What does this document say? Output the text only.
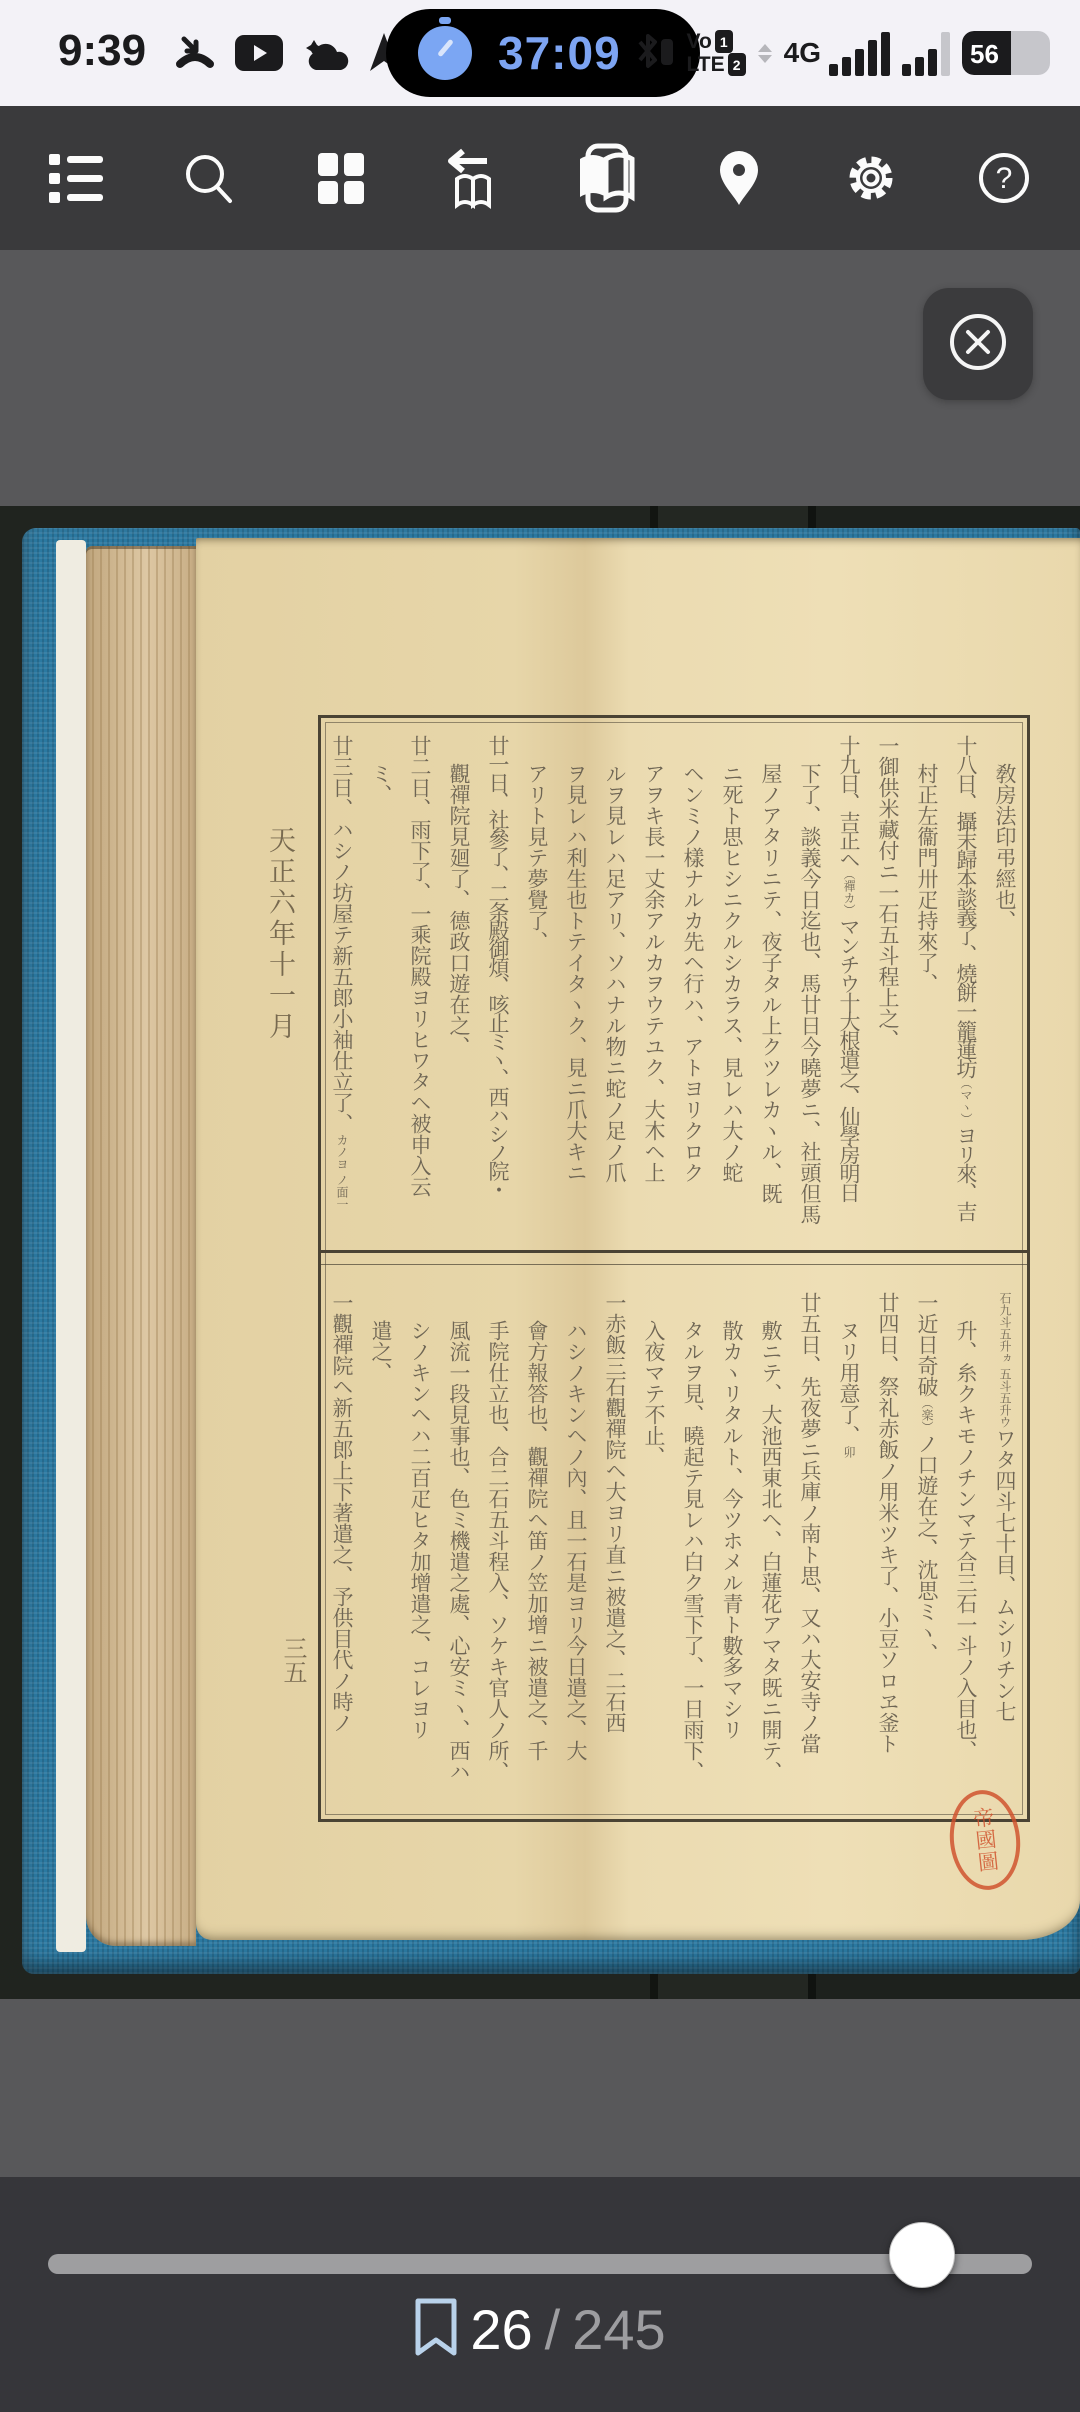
9:39	37:09	Vo 1
LTE 2 4G	56
?
敎房法印弔經也、
十八日、攝末歸本談義了、燒餅一籠蓮坊（マヽ）ヨリ來、吉
村正左衞門卅疋持來了、
一御供米藏付ニ一石五斗程上之、
十九日、吉正ヘ（禪カ）マンチウ十大根遣之、仙學房明日
下了、談義今日迄也、馬廿日今曉夢ニ、社頭但馬
屋ノアタリニテ、夜子タル上クツレカヽル、既
ニ死ト思ヒシニクルシカラス、見レハ大ノ蛇
ヘンミノ樣ナルカ先ヘ行ハ、アトヨリクロク
アヲキ長一丈余アルカヲウテユク、大木ヘ上
ルヲ見レハ足アリ、ソハナル物ニ蛇ノ足ノ爪
ヲ見レハ利生也トテイタヽク、見ニ爪大キニ
アリト見テ夢覺了、
廿一日、社參了、二条殿御煩、咳止ミヽ、西ハシノ院・
觀禪院見廻了、德政口遊在之、
廿二日、雨下了、一乘院殿ヨリヒワタヘ被申入云
ミ、
廿三日、ハシノ坊屋テ新五郎小袖仕立了、カノヨ ノ面一
石九斗五升ヵ 五斗五升ウワタ四斗七十目、ムシリチン七
升、糸クキモノチンマテ合三石一斗ノ入目也、
一近日奇破（楽）ノ口遊在之、沈思ミヽ、
廿四日、祭礼赤飯ノ用米ツキ了、小豆ソロヱ釜ト
ヌリ用意了、卯
廿五日、先夜夢ニ兵庫ノ南ト思、又ハ大安寺ノ當
敷ニテ、大池西東北ヘ、白蓮花アマタ既ニ開テ、
散カヽリタルト、今ツホメル青ト數多マシリ
タルヲ見、曉起テ見レハ白ク雪下了、一日雨下、
入夜マテ不止、
一赤飯三石觀禪院ヘ大ヨリ直ニ被遣之、二石西
ハシノキンヘノ內、且一石是ヨリ今日遣之、大
會方報答也、觀禪院ヘ笛ノ笠加增ニ被遣之、千
手院仕立也、合二石五斗程入、ソケキ官人ノ所、
風流一段見事也、色ミ機遣之處、心安ミヽ、西ハ
シノキンヘハ二百疋ヒタ加增遣之、コレヨリ
遣之、
一觀禪院ヘ新五郎上下著遣之、予供目代ノ時ノ
天正六年十一月
三五
帝國圖
26 / 245
